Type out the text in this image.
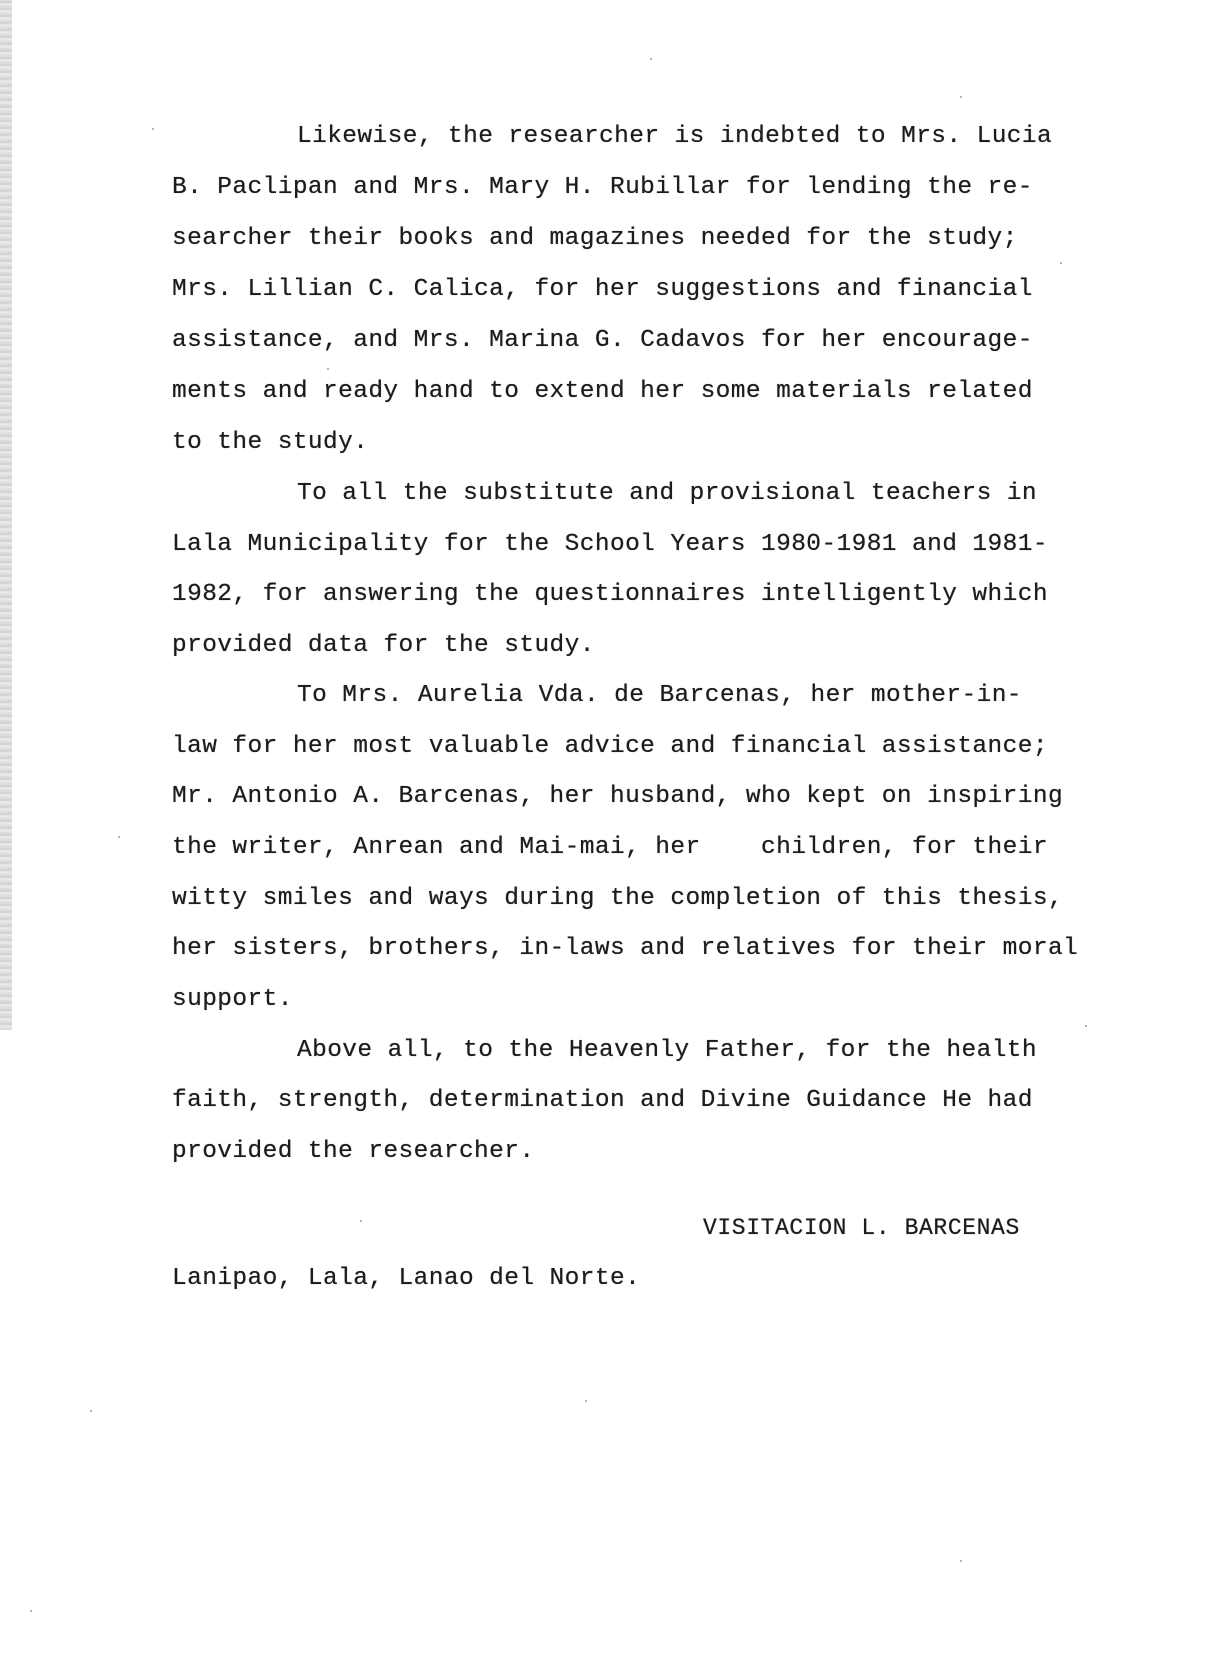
Likewise, the researcher is indebted to Mrs. Lucia
B. Paclipan and Mrs. Mary H. Rubillar for lending the re-
searcher their books and magazines needed for the study;
Mrs. Lillian C. Calica, for her suggestions and financial
assistance, and Mrs. Marina G. Cadavos for her encourage-
ments and ready hand to extend her some materials related
to the study.
To all the substitute and provisional teachers in
Lala Municipality for the School Years 1980-1981 and 1981-
1982, for answering the questionnaires intelligently which
provided data for the study.
To Mrs. Aurelia Vda. de Barcenas, her mother-in-
law for her most valuable advice and financial assistance;
Mr. Antonio A. Barcenas, her husband, who kept on inspiring
the writer, Anrean and Mai-mai, her    children, for their
witty smiles and ways during the completion of this thesis,
her sisters, brothers, in-laws and relatives for their moral
support.
Above all, to the Heavenly Father, for the health
faith, strength, determination and Divine Guidance He had
provided the researcher.
VISITACION L. BARCENAS
Lanipao, Lala, Lanao del Norte.
